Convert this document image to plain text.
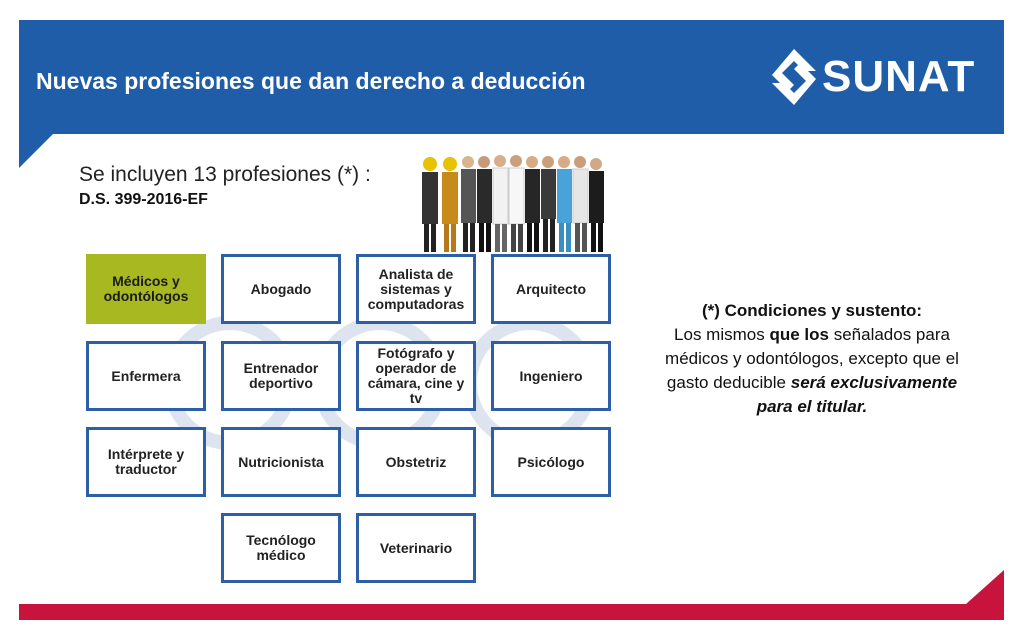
Nuevas profesiones que dan derecho a deducción	SUNAT
Se incluyen 13 profesiones (*) :
D.S. 399-2016-EF
Médicos y odontólogos	Abogado
Analista de sistemas y computadoras
Arquitecto
Enfermera	Entrenador deportivo
Fotógrafo y operador de cámara, cine y tv
Ingeniero
Intérprete y traductor	Nutricionista	Obstetriz	Psicólogo
Tecnólogo médico	Veterinario
(*) Condiciones y sustento:
Los mismos que los señalados para médicos y odontólogos, excepto que el gasto deducible será exclusivamente para el titular.
